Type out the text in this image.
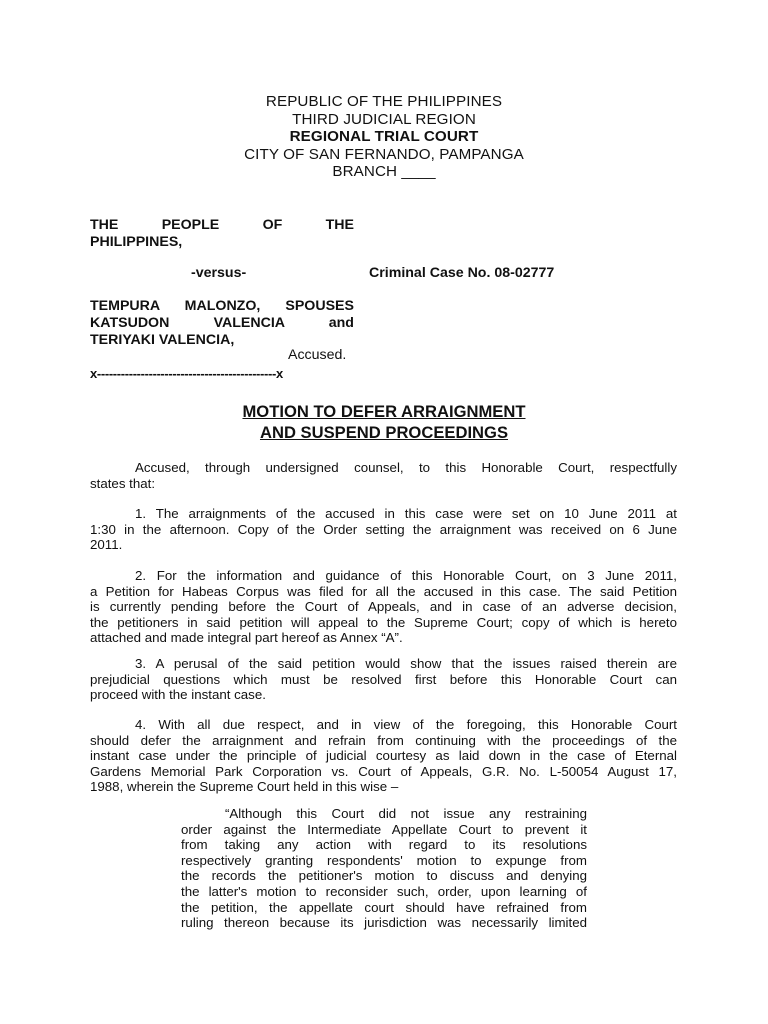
REPUBLIC OF THE PHILIPPINES
THIRD JUDICIAL REGION
REGIONAL TRIAL COURT
CITY OF SAN FERNANDO, PAMPANGA
BRANCH ____
THE	PEOPLE	OF	THE
PHILIPPINES,
-versus-	Criminal Case No. 08-02777
TEMPURA MALONZO, SPOUSES
KATSUDON	VALENCIA	and
TERIYAKI VALENCIA,
Accused.
x---------------------------------------------x
MOTION TO DEFER ARRAIGNMENT
AND SUSPEND PROCEEDINGS
Accused, through undersigned counsel, to this Honorable Court, respectfully
states that:
1. The arraignments of the accused in this case were set on 10 June 2011 at
1:30 in the afternoon. Copy of the Order setting the arraignment was received on 6 June
2011.
2. For the information and guidance of this Honorable Court, on 3 June 2011,
a Petition for Habeas Corpus was filed for all the accused in this case. The said Petition
is currently pending before the Court of Appeals, and in case of an adverse decision,
the petitioners in said petition will appeal to the Supreme Court; copy of which is hereto
attached and made integral part hereof as Annex “A”.
3. A perusal of the said petition would show that the issues raised therein are
prejudicial questions which must be resolved first before this Honorable Court can
proceed with the instant case.
4. With all due respect, and in view of the foregoing, this Honorable Court
should defer the arraignment and refrain from continuing with the proceedings of the
instant case under the principle of judicial courtesy as laid down in the case of Eternal
Gardens Memorial Park Corporation vs. Court of Appeals, G.R. No. L-50054 August 17,
1988, wherein the Supreme Court held in this wise –
“Although this Court did not issue any restraining
order against the Intermediate Appellate Court to prevent it
from taking any action with regard to its resolutions
respectively granting respondents' motion to expunge from
the records the petitioner's motion to discuss and denying
the latter's motion to reconsider such, order, upon learning of
the petition, the appellate court should have refrained from
ruling thereon because its jurisdiction was necessarily limited
